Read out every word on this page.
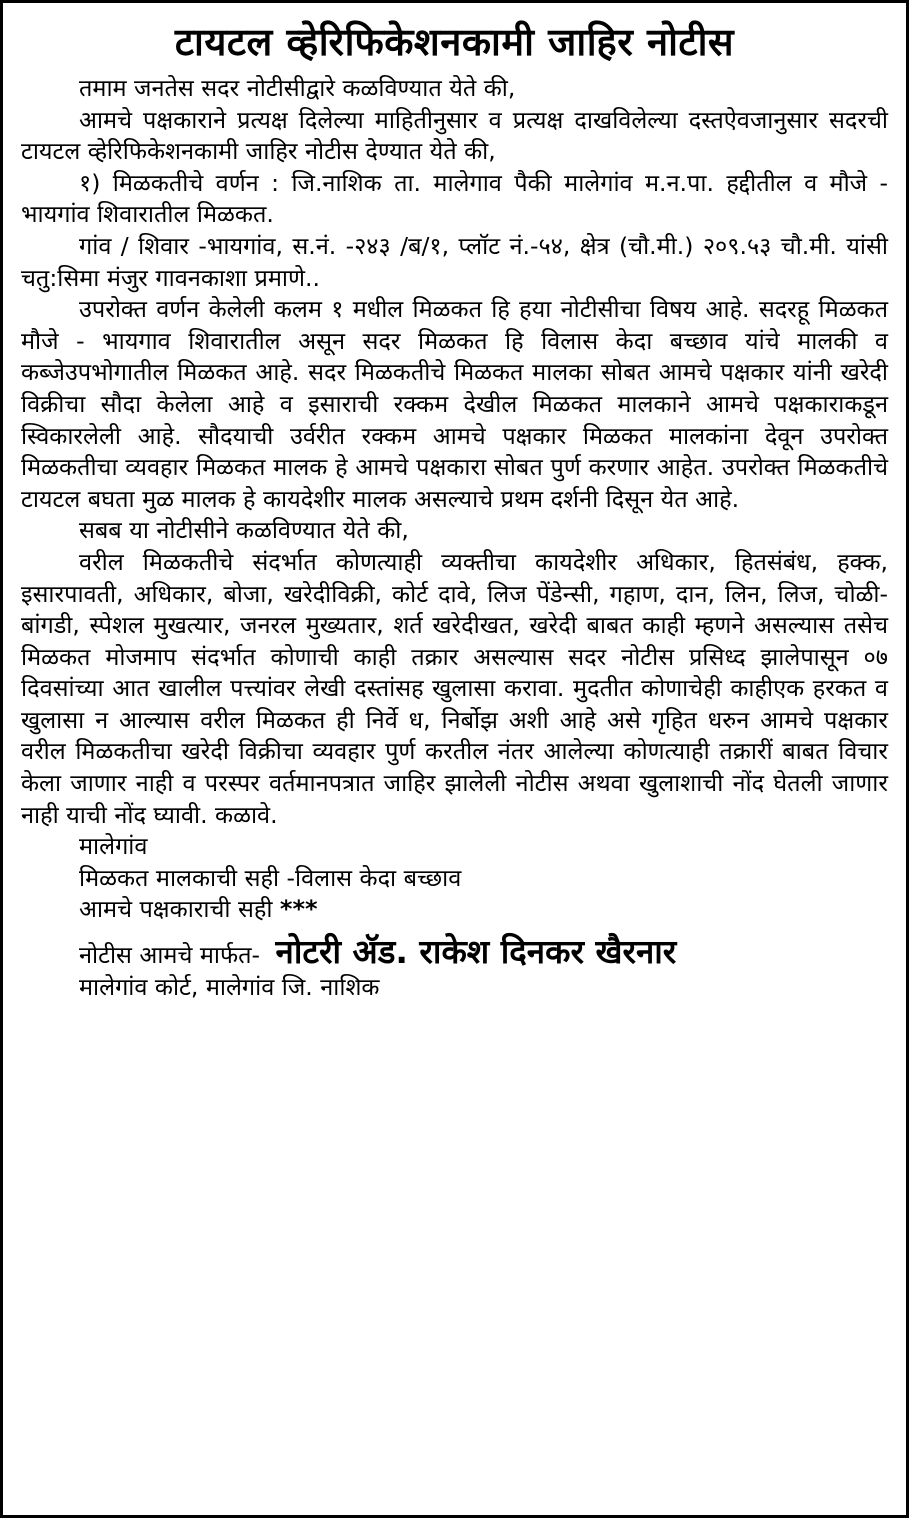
टायटल व्हेरिफिकेशनकामी जाहिर नोटीस

तमाम जनतेस सदर नोटीसीद्वारे कळविण्यात येते की,

आमचे पक्षकाराने प्रत्यक्ष दिलेल्या माहितीनुसार व प्रत्यक्ष दाखविलेल्या दस्तऐवजानुसार सदरची टायटल व्हेरिफिकेशनकामी जाहिर नोटीस देण्यात येते की,

१) मिळकतीचे वर्णन : जि.नाशिक ता. मालेगाव पैकी मालेगांव म.न.पा. हद्दीतील व मौजे - भायगांव शिवारातील मिळकत.

गांव / शिवार -भायगांव, स.नं. -२४३ /ब/१, प्लॉट नं.-५४, क्षेत्र (चौ.मी.) २०९.५३ चौ.मी. यांसी चतु:सिमा मंजुर गावनकाशा प्रमाणे..

उपरोक्त वर्णन केलेली कलम १ मधील मिळकत हि हया नोटीसीचा विषय आहे. सदरहू मिळकत मौजे - भायगाव शिवारातील असून सदर मिळकत हि विलास केदा बच्छाव यांचे मालकी व कब्जेउपभोगातील मिळकत आहे. सदर मिळकतीचे मिळकत मालका सोबत आमचे पक्षकार यांनी खरेदी विक्रीचा सौदा केलेला आहे व इसाराची रक्कम देखील मिळकत मालकाने आमचे पक्षकाराकडून स्विकारलेली आहे. सौदयाची उर्वरीत रक्कम आमचे पक्षकार मिळकत मालकांना देवून उपरोक्त मिळकतीचा व्यवहार मिळकत मालक हे आमचे पक्षकारा सोबत पुर्ण करणार आहेत. उपरोक्त मिळकतीचे टायटल बघता मुळ मालक हे कायदेशीर मालक असल्याचे प्रथम दर्शनी दिसून येत आहे.

सबब या नोटीसीने कळविण्यात येते की,

वरील मिळकतीचे संदर्भात कोणत्याही व्यक्तीचा कायदेशीर अधिकार, हितसंबंध, हक्क, इसारपावती, अधिकार, बोजा, खरेदीविक्री, कोर्ट दावे, लिज पेंडेन्सी, गहाण, दान, लिन, लिज, चोळी-बांगडी, स्पेशल मुखत्यार, जनरल मुख्यतार, शर्त खरेदीखत, खरेदी बाबत काही म्हणने असल्यास तसेच मिळकत मोजमाप संदर्भात कोणाची काही तक्रार असल्यास सदर नोटीस प्रसिध्द झालेपासून ०७ दिवसांच्या आत खालील पत्त्यांवर लेखी दस्तांसह खुलासा करावा. मुदतीत कोणाचेही काहीएक हरकत व खुलासा न आल्यास वरील मिळकत ही निर्वे ध, निर्बोझ अशी आहे असे गृहित धरुन आमचे पक्षकार वरील मिळकतीचा खरेदी विक्रीचा व्यवहार पुर्ण करतील नंतर आलेल्या कोणत्याही तक्रारीं बाबत विचार केला जाणार नाही व परस्पर वर्तमानपत्रात जाहिर झालेली नोटीस अथवा खुलाशाची नोंद घेतली जाणार नाही याची नोंद घ्यावी. कळावे.

मालेगांव

मिळकत मालकाची सही -विलास केदा बच्छाव

आमचे पक्षकाराची सही ***

नोटीस आमचे मार्फत- नोटरी ॲड. राकेश दिनकर खैरनार

मालेगांव कोर्ट, मालेगांव जि. नाशिक
